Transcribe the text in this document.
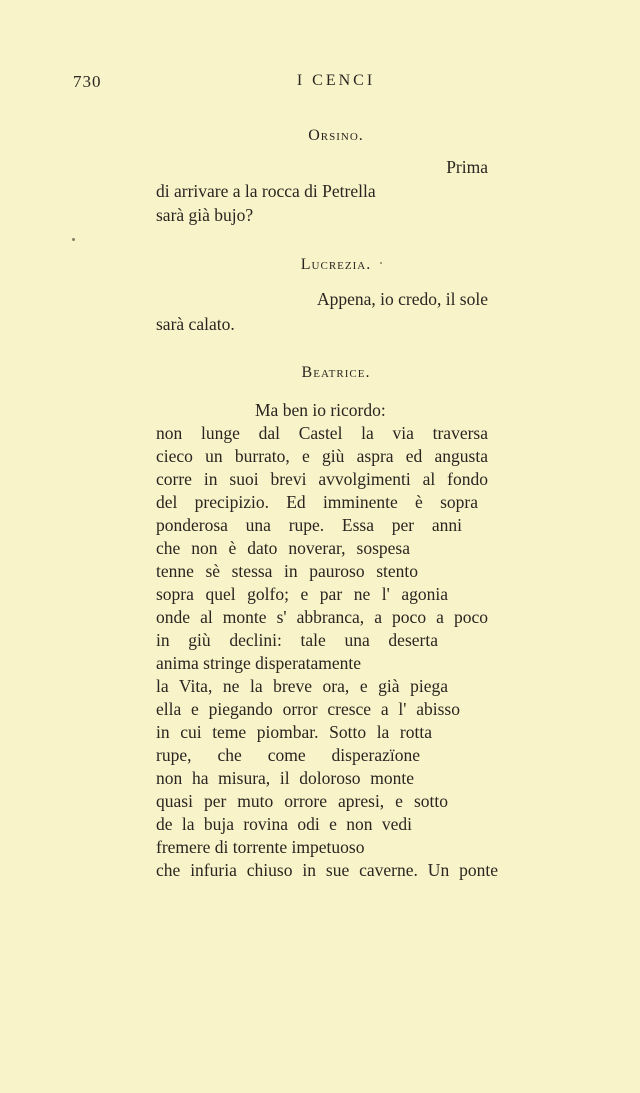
730	I CENCI
Orsino.
Prima
di arrivare a la rocca di Petrella
sarà già bujo?
Lucrezia.
Appena, io credo, il sole
sarà calato.
Beatrice.
Ma ben io ricordo:
non lunge dal Castel la via traversa
cieco un burrato, e giù aspra ed angusta
corre in suoi brevi avvolgimenti al fondo
del precipizio. Ed imminente è sopra
ponderosa una rupe. Essa per anni
che non è dato noverar, sospesa
tenne sè stessa in pauroso stento
sopra quel golfo; e par ne l' agonia
onde al monte s' abbranca, a poco a poco
in giù declini: tale una deserta
anima stringe disperatamente
la Vita, ne la breve ora, e già piega
ella e piegando orror cresce a l' abisso
in cui teme piombar. Sotto la rotta
rupe, che come disperazïone
non ha misura, il doloroso monte
quasi per muto orrore apresi, e sotto
de la buja rovina odi e non vedi
fremere di torrente impetuoso
che infuria chiuso in sue caverne. Un ponte
